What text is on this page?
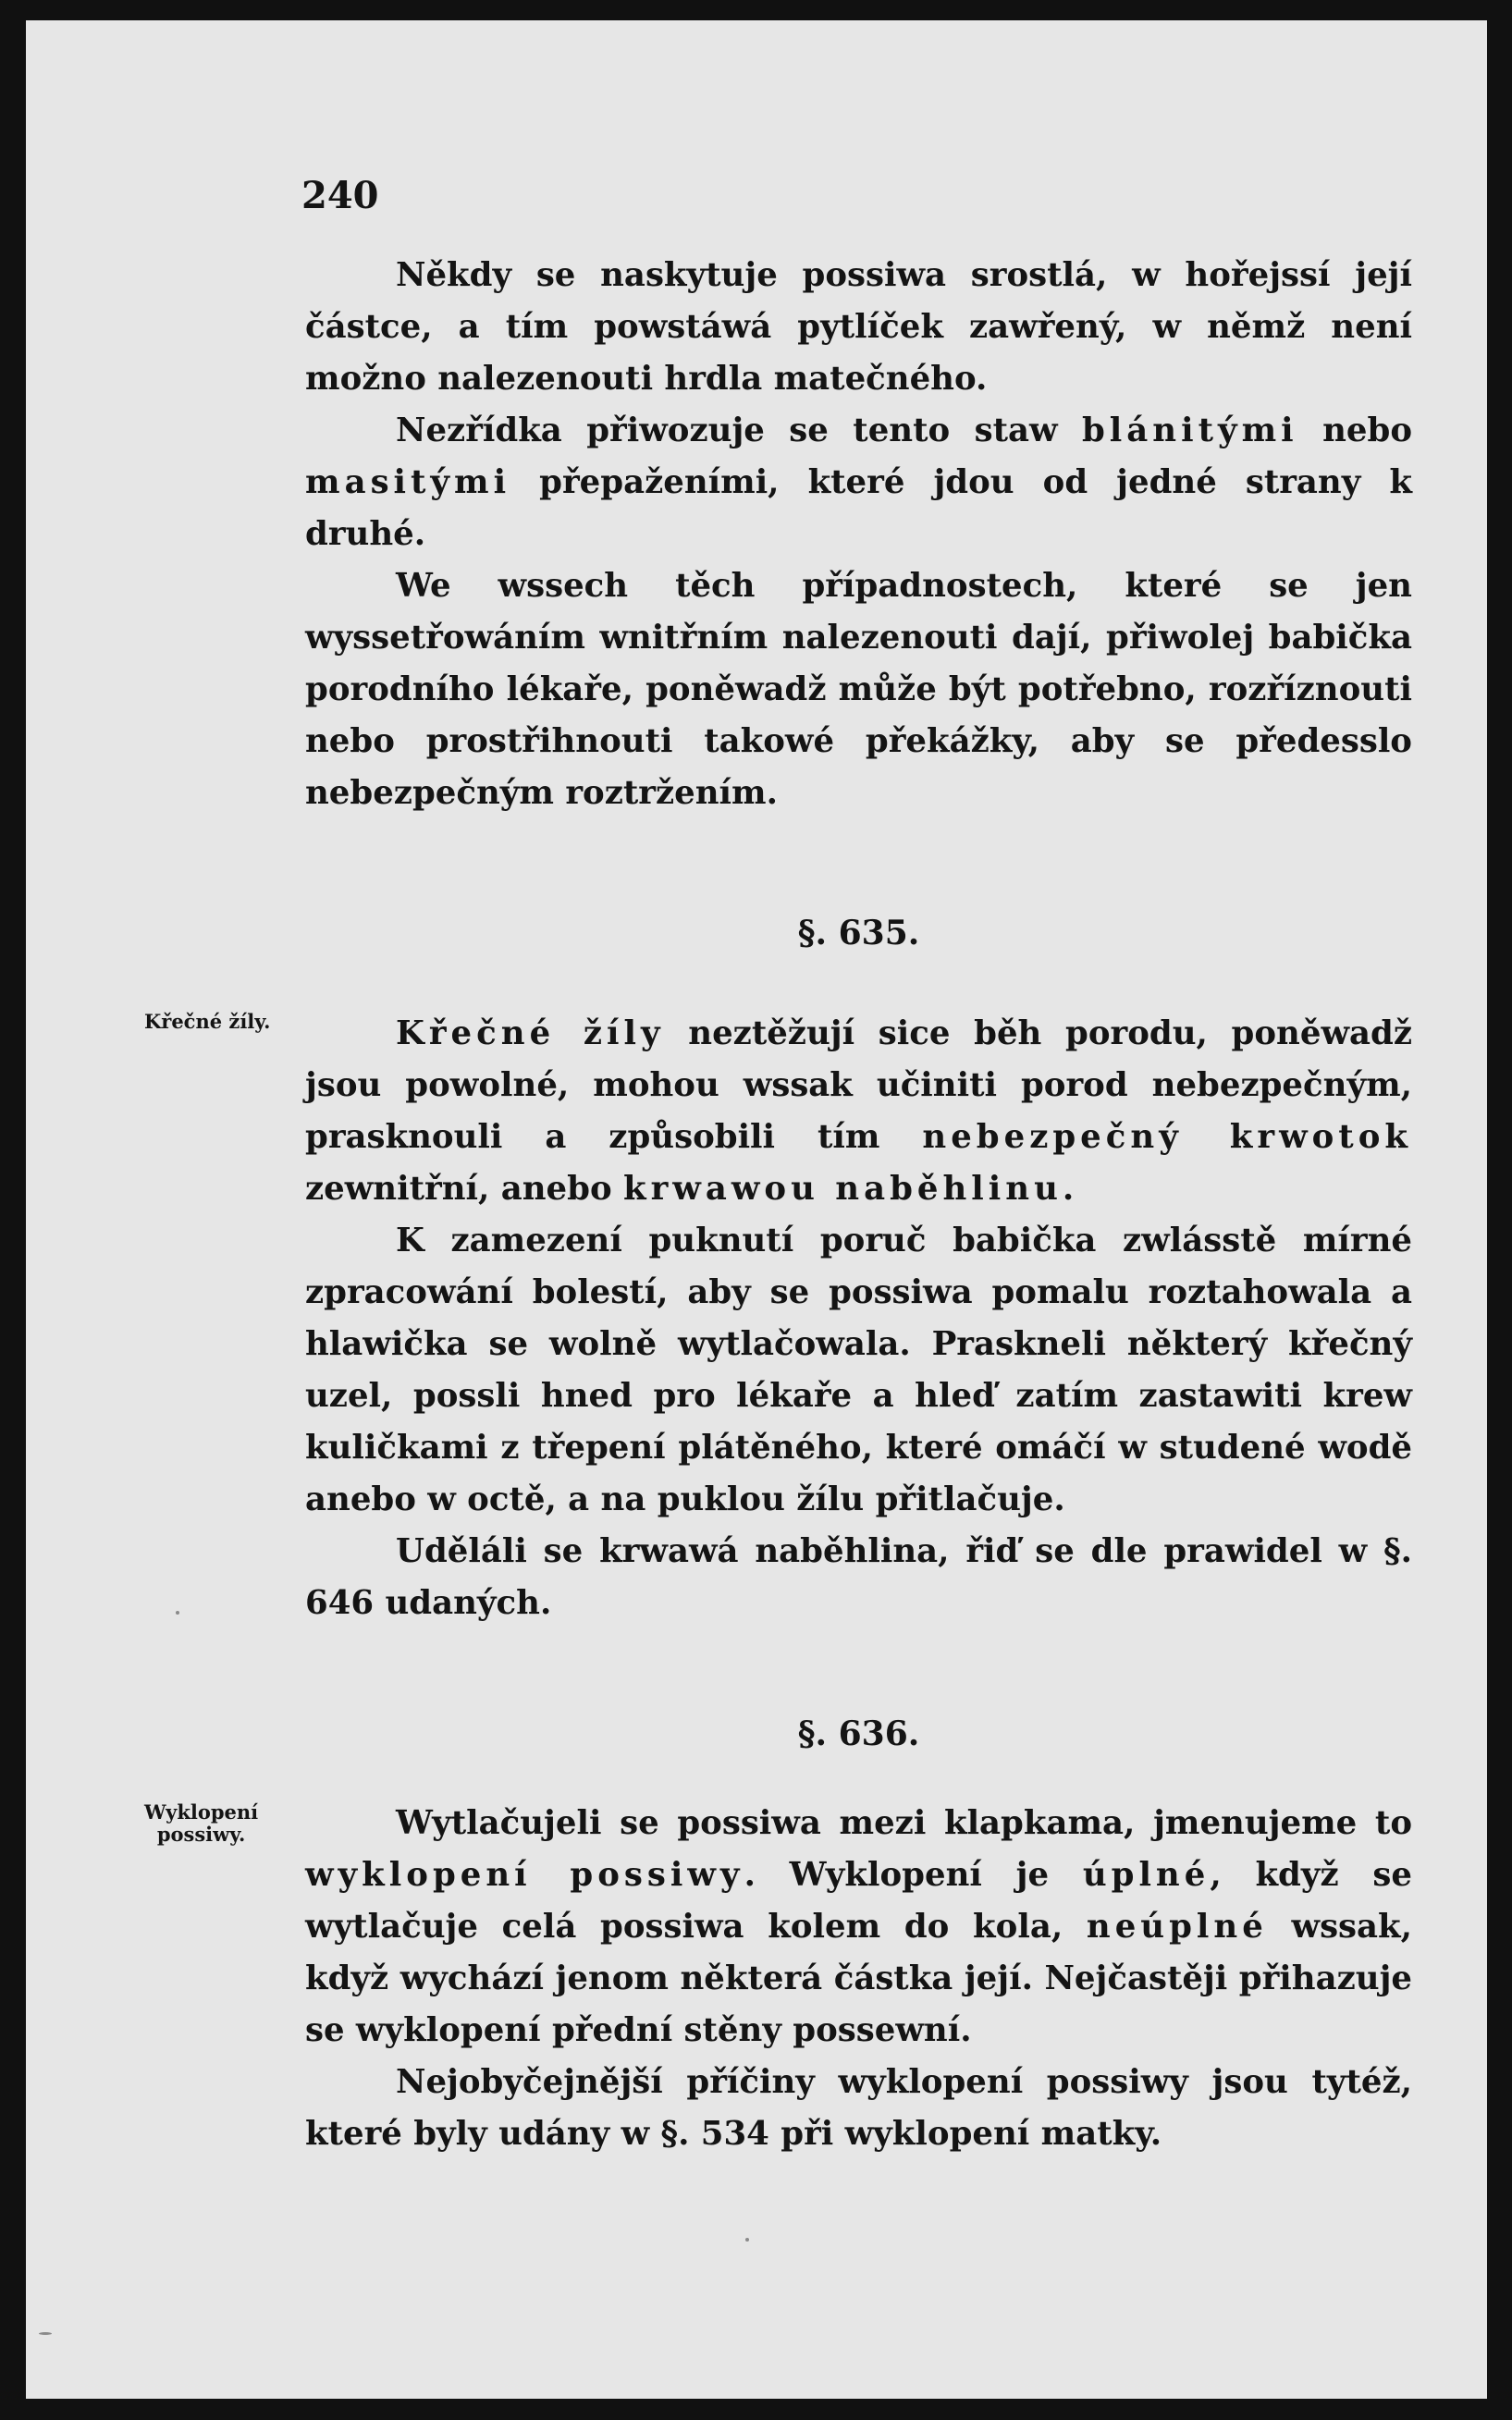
240

Někdy se naskytuje possiwa srostlá, w hořejssí její částce, a tím powstáwá pytlíček zawřený, w němž není možno nalezenouti hrdla matečného.

Nezřídka přiwozuje se tento staw blánitými nebo masitými přepaženími, které jdou od jedné strany k druhé.

We wssech těch případnostech, které se jen wyssetřowáním wnitřním nalezenouti dají, přiwolej babička porodního lékaře, poněwadž může být potřebno, rozříznouti nebo prostřihnouti takowé překážky, aby se předesslo nebezpečným roztržením.

§. 635.

Křečné žíly.	Křečné žíly neztěžují sice běh porodu, poněwadž jsou powolné, mohou wssak učiniti porod nebezpečným, prasknouli a způsobili tím nebezpečný krwotok zewnitřní, anebo krwawou naběhlinu.

K zamezení puknutí poruč babička zwlásstě mírné zpracowání bolestí, aby se possiwa pomalu roztahowala a hlawička se wolně wytlačowala. Praskneli některý křečný uzel, possli hned pro lékaře a hleď zatím zastawiti krew kuličkami z třepení plátěného, které omáčí w studené wodě anebo w octě, a na puklou žílu přitlačuje.

Uděláli se krwawá naběhlina, řiď se dle prawidel w §. 646 udaných.

§. 636.
Wyklopení
possiwy.	Wytlačujeli se possiwa mezi klapkama, jmenujeme to wyklopení possiwy. Wyklopení je úplné, když se wytlačuje celá possiwa kolem do kola, neúplné wssak, když wychází jenom některá částka její. Nejčastěji přihazuje se wyklopení přední stěny possewní.

Nejobyčejnější příčiny wyklopení possiwy jsou tytéž, které byly udány w §. 534 při wyklopení matky.
